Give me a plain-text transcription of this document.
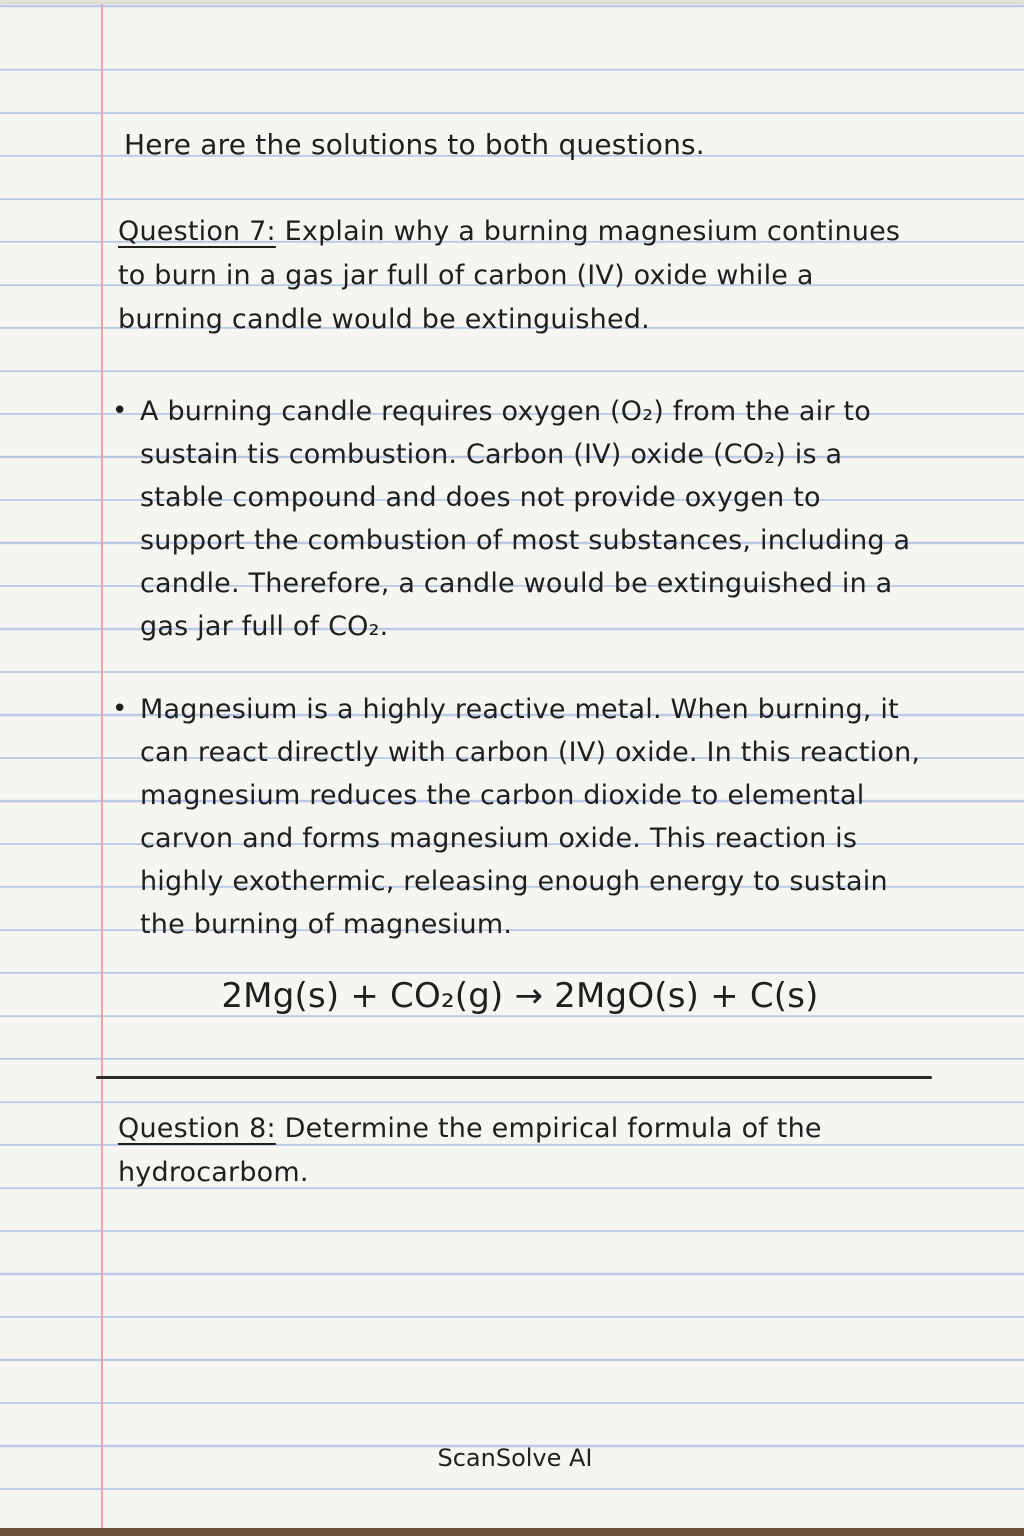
Here are the solutions to both questions.
Question 7: Explain why a burning magnesium continues to burn in a gas jar full of carbon (IV) oxide while a burning candle would be extinguished.
• A burning candle requires oxygen (O₂) from the air to sustain tis combustion. Carbon (IV) oxide (CO₂) is a stable compound and does not provide oxygen to support the combustion of most substances, including a candle. Therefore, a candle would be extinguished in a gas jar full of CO₂.
• Magnesium is a highly reactive metal. When burning, it can react directly with carbon (IV) oxide. In this reaction, magnesium reduces the carbon dioxide to elemental carvon and forms magnesium oxide. This reaction is highly exothermic, releasing enough energy to sustain the burning of magnesium.
2Mg(s) + CO₂(g) → 2MgO(s) + C(s)
Question 8: Determine the empirical formula of the hydrocarbom.
ScanSolve AI
